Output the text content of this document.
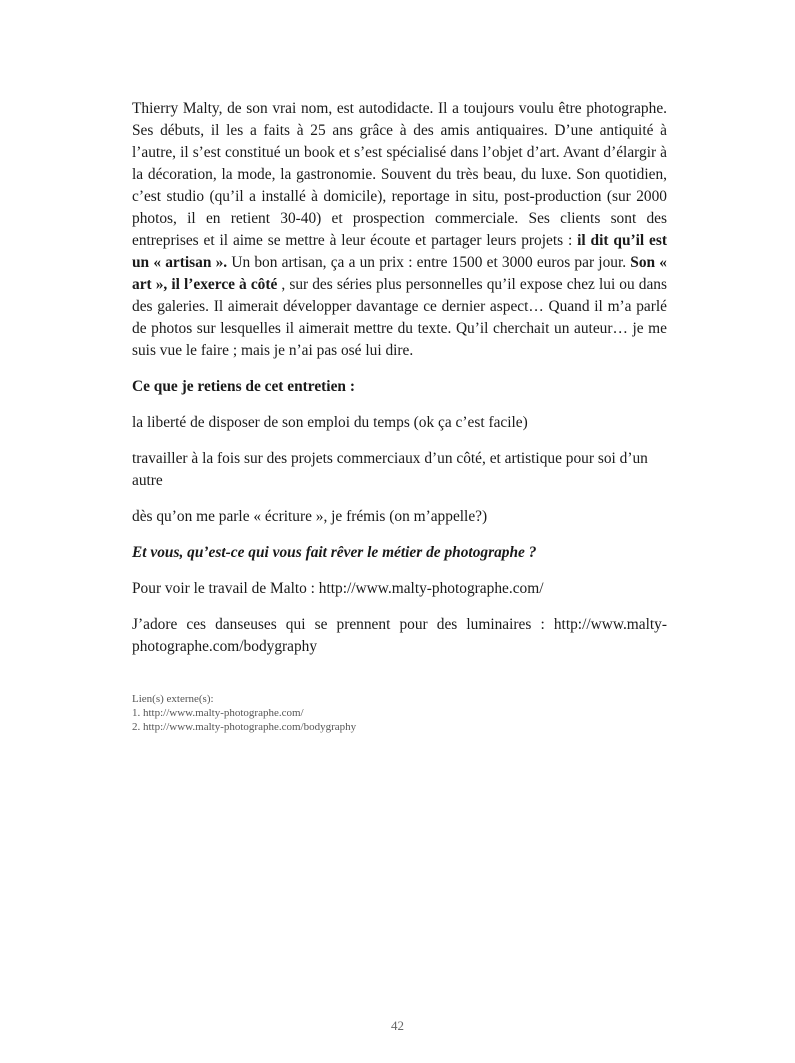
Thierry Malty, de son vrai nom, est autodidacte. Il a toujours voulu être photographe. Ses débuts, il les a faits à 25 ans grâce à des amis antiquaires. D’une antiquité à l’autre, il s’est constitué un book et s’est spécialisé dans l’objet d’art. Avant d’élargir à la décoration, la mode, la gastronomie. Souvent du très beau, du luxe. Son quotidien, c’est studio (qu’il a installé à domicile), reportage in situ, post-production (sur 2000 photos, il en retient 30-40) et prospection commerciale. Ses clients sont des entreprises et il aime se mettre à leur écoute et partager leurs projets : il dit qu’il est un « artisan ». Un bon artisan, ça a un prix : entre 1500 et 3000 euros par jour. Son « art », il l’exerce à côté , sur des séries plus personnelles qu’il expose chez lui ou dans des galeries. Il aimerait développer davantage ce dernier aspect… Quand il m’a parlé de photos sur lesquelles il aimerait mettre du texte. Qu’il cherchait un auteur… je me suis vue le faire ; mais je n’ai pas osé lui dire.

Ce que je retiens de cet entretien :

la liberté de disposer de son emploi du temps (ok ça c’est facile)

travailler à la fois sur des projets commerciaux d’un côté, et artistique pour soi d’un autre

dès qu’on me parle « écriture », je frémis (on m’appelle?)

Et vous, qu’est-ce qui vous fait rêver le métier de photographe ?

Pour voir le travail de Malto : http://www.malty-photographe.com/

J’adore ces danseuses qui se prennent pour des luminaires : http://www.malty-photographe.com/bodygraphy

Lien(s) externe(s):
1. http://www.malty-photographe.com/
2. http://www.malty-photographe.com/bodygraphy
42
